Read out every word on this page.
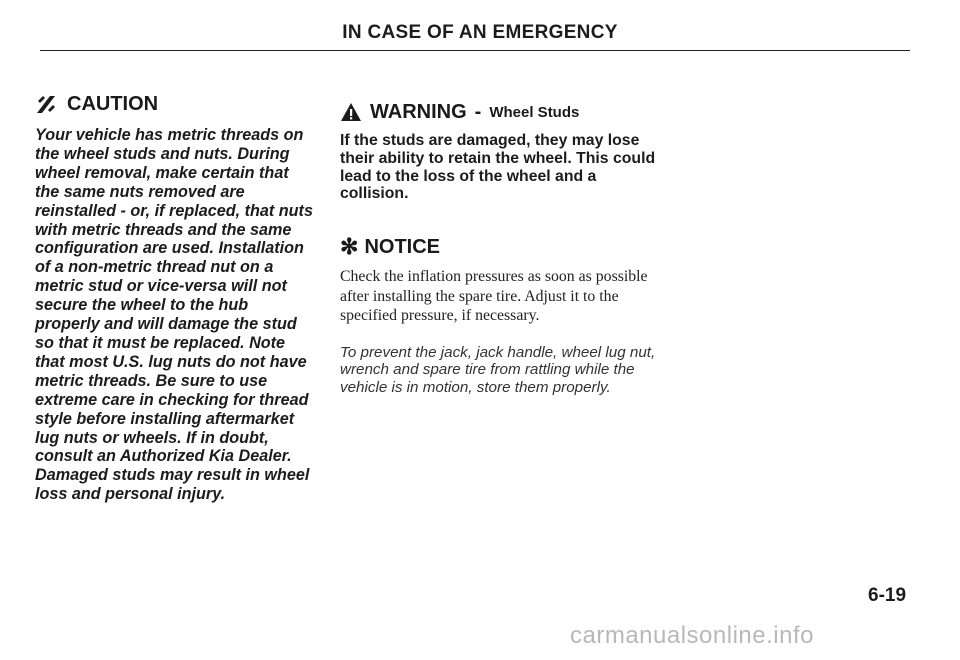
IN CASE OF AN EMERGENCY
CAUTION

Your vehicle has metric threads on the wheel studs and nuts. During wheel removal, make certain that the same nuts removed are reinstalled - or, if replaced, that nuts with metric threads and the same configuration are used. Installation of a non-metric thread nut on a metric stud or vice-versa will not secure the wheel to the hub properly and will damage the stud so that it must be replaced. Note that most U.S. lug nuts do not have metric threads. Be sure to use extreme care in checking for thread style before installing aftermarket lug nuts or wheels. If in doubt, consult an Authorized Kia Dealer. Damaged studs may result in wheel loss and personal injury.

WARNING - Wheel Studs

If the studs are damaged, they may lose their ability to retain the wheel. This could lead to the loss of the wheel and a collision.

✻ NOTICE

Check the inflation pressures as soon as possible after installing the spare tire. Adjust it to the specified pressure, if necessary.

To prevent the jack, jack handle, wheel lug nut, wrench and spare tire from rattling while the vehicle is in motion, store them properly.

6-19
carmanualsonline.info
